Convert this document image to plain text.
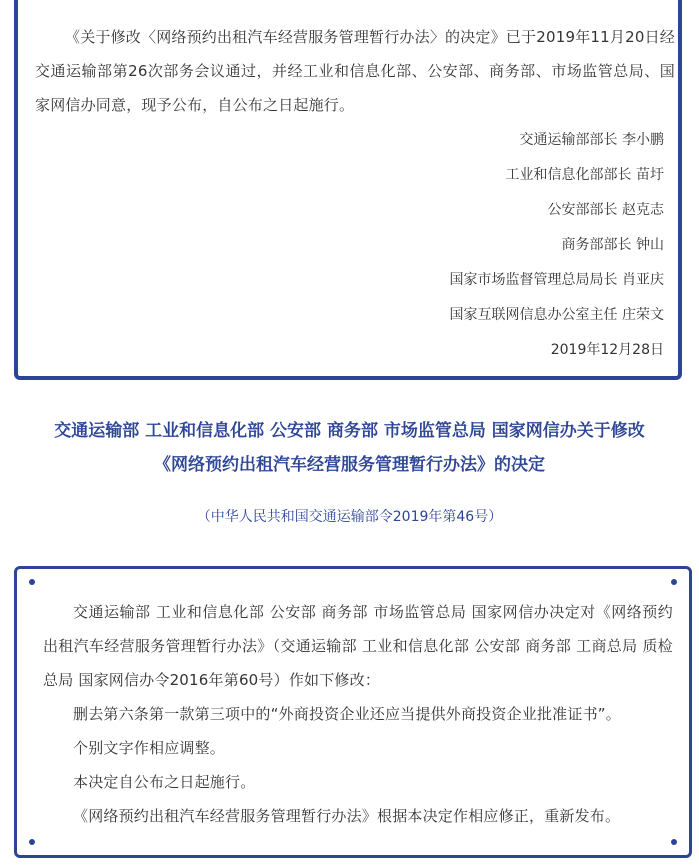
《关于修改〈网络预约出租汽车经营服务管理暂行办法〉的决定》已于2019年11月20日经交通运输部第26次部务会议通过，并经工业和信息化部、公安部、商务部、市场监管总局、国家网信办同意，现予公布，自公布之日起施行。

交通运输部部长 李小鹏
工业和信息化部部长 苗圩
公安部部长 赵克志
商务部部长 钟山
国家市场监督管理总局局长 肖亚庆
国家互联网信息办公室主任 庄荣文
2019年12月28日
交通运输部 工业和信息化部 公安部 商务部 市场监管总局 国家网信办关于修改
《网络预约出租汽车经营服务管理暂行办法》的决定
（中华人民共和国交通运输部令2019年第46号）

交通运输部 工业和信息化部 公安部 商务部 市场监管总局 国家网信办决定对《网络预约出租汽车经营服务管理暂行办法》（交通运输部 工业和信息化部 公安部 商务部 工商总局 质检总局 国家网信办令2016年第60号）作如下修改：

删去第六条第一款第三项中的“外商投资企业还应当提供外商投资企业批准证书”。

个别文字作相应调整。

本决定自公布之日起施行。

《网络预约出租汽车经营服务管理暂行办法》根据本决定作相应修正，重新发布。
